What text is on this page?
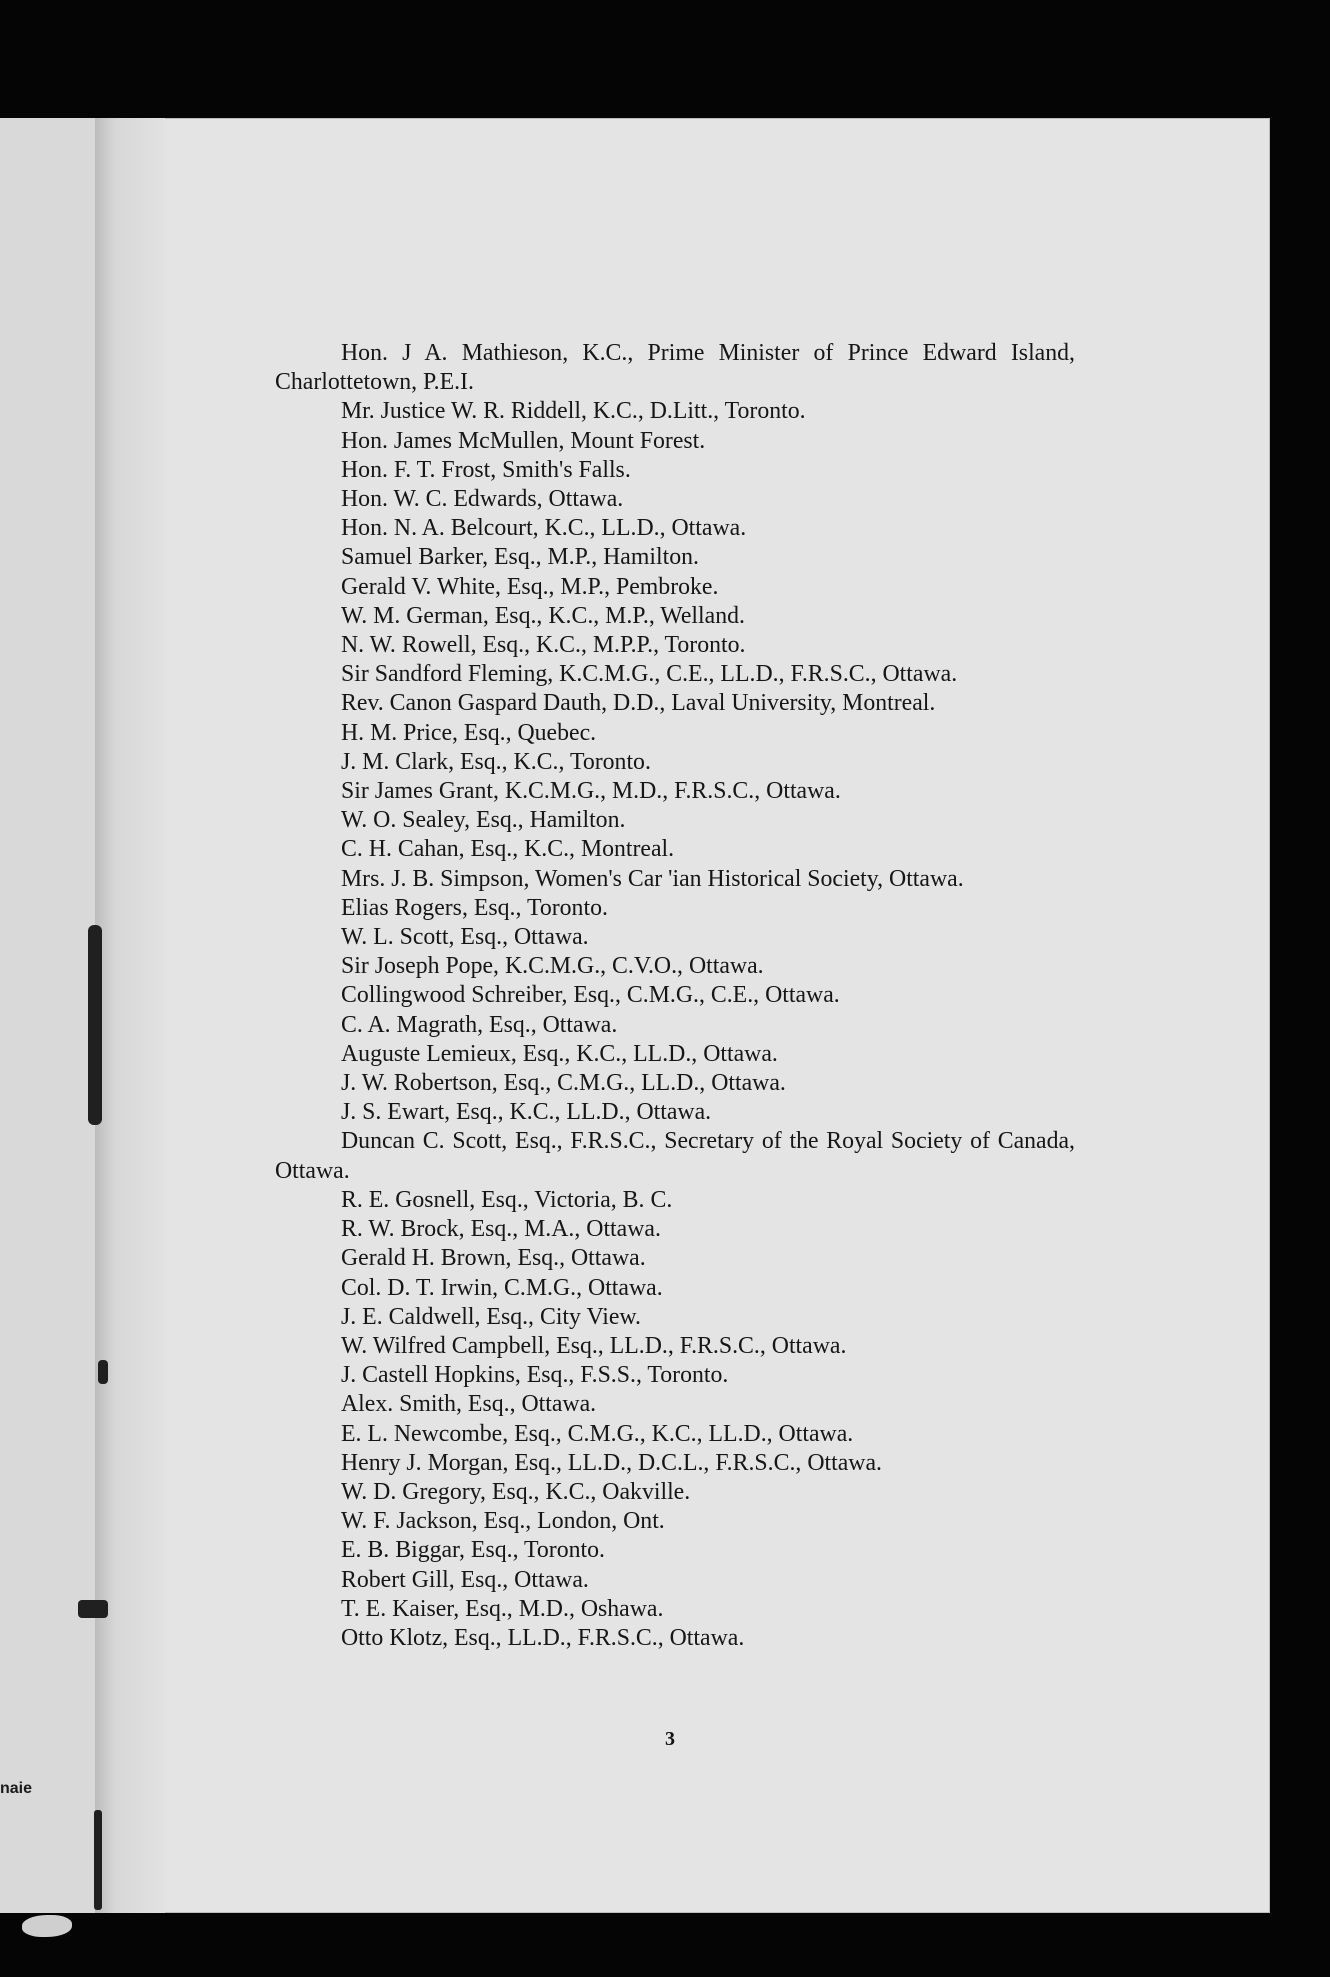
naie
Hon. J A. Mathieson, K.C., Prime Minister of Prince Edward Island, Charlottetown, P.E.I.
Mr. Justice W. R. Riddell, K.C., D.Litt., Toronto.
Hon. James McMullen, Mount Forest.
Hon. F. T. Frost, Smith's Falls.
Hon. W. C. Edwards, Ottawa.
Hon. N. A. Belcourt, K.C., LL.D., Ottawa.
Samuel Barker, Esq., M.P., Hamilton.
Gerald V. White, Esq., M.P., Pembroke.
W. M. German, Esq., K.C., M.P., Welland.
N. W. Rowell, Esq., K.C., M.P.P., Toronto.
Sir Sandford Fleming, K.C.M.G., C.E., LL.D., F.R.S.C., Ottawa.
Rev. Canon Gaspard Dauth, D.D., Laval University, Montreal.
H. M. Price, Esq., Quebec.
J. M. Clark, Esq., K.C., Toronto.
Sir James Grant, K.C.M.G., M.D., F.R.S.C., Ottawa.
W. O. Sealey, Esq., Hamilton.
C. H. Cahan, Esq., K.C., Montreal.
Mrs. J. B. Simpson, Women's Car 'ian Historical Society, Ottawa.
Elias Rogers, Esq., Toronto.
W. L. Scott, Esq., Ottawa.
Sir Joseph Pope, K.C.M.G., C.V.O., Ottawa.
Collingwood Schreiber, Esq., C.M.G., C.E., Ottawa.
C. A. Magrath, Esq., Ottawa.
Auguste Lemieux, Esq., K.C., LL.D., Ottawa.
J. W. Robertson, Esq., C.M.G., LL.D., Ottawa.
J. S. Ewart, Esq., K.C., LL.D., Ottawa.
Duncan C. Scott, Esq., F.R.S.C., Secretary of the Royal Society of Canada, Ottawa.
R. E. Gosnell, Esq., Victoria, B. C.
R. W. Brock, Esq., M.A., Ottawa.
Gerald H. Brown, Esq., Ottawa.
Col. D. T. Irwin, C.M.G., Ottawa.
J. E. Caldwell, Esq., City View.
W. Wilfred Campbell, Esq., LL.D., F.R.S.C., Ottawa.
J. Castell Hopkins, Esq., F.S.S., Toronto.
Alex. Smith, Esq., Ottawa.
E. L. Newcombe, Esq., C.M.G., K.C., LL.D., Ottawa.
Henry J. Morgan, Esq., LL.D., D.C.L., F.R.S.C., Ottawa.
W. D. Gregory, Esq., K.C., Oakville.
W. F. Jackson, Esq., London, Ont.
E. B. Biggar, Esq., Toronto.
Robert Gill, Esq., Ottawa.
T. E. Kaiser, Esq., M.D., Oshawa.
Otto Klotz, Esq., LL.D., F.R.S.C., Ottawa.
3
